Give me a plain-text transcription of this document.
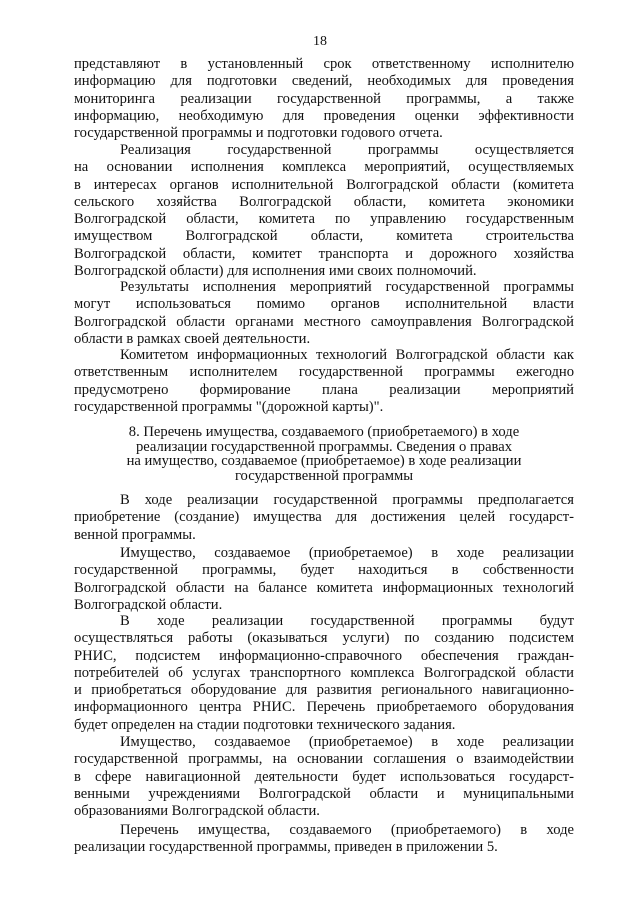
18
представляют в установленный срок ответственному исполнителю
информацию для подготовки сведений, необходимых для проведения
мониторинга реализации государственной программы, а также
информацию, необходимую для проведения оценки эффективности
государственной программы и подготовки годового отчета.
Реализация государственной программы осуществляется
на основании исполнения комплекса мероприятий, осуществляемых
в интересах органов исполнительной Волгоградской области (комитета
сельского хозяйства Волгоградской области, комитета экономики
Волгоградской области, комитета по управлению государственным
имуществом Волгоградской области, комитета строительства
Волгоградской области, комитет транспорта и дорожного хозяйства
Волгоградской области) для исполнения ими своих полномочий.
Результаты исполнения мероприятий государственной программы
могут использоваться помимо органов исполнительной власти
Волгоградской области органами местного самоуправления Волгоградской
области в рамках своей деятельности.
Комитетом информационных технологий Волгоградской области как
ответственным исполнителем государственной программы ежегодно
предусмотрено формирование плана реализации мероприятий
государственной программы "(дорожной карты)".
8. Перечень имущества, создаваемого (приобретаемого) в ходе
реализации государственной программы. Сведения о правах
на имущество, создаваемое (приобретаемое) в ходе реализации
государственной программы
В ходе реализации государственной программы предполагается
приобретение (создание) имущества для достижения целей государст-
венной программы.
Имущество, создаваемое (приобретаемое) в ходе реализации
государственной программы, будет находиться в собственности
Волгоградской области на балансе комитета информационных технологий
Волгоградской области.
В ходе реализации государственной программы будут
осуществляться работы (оказываться услуги) по созданию подсистем
РНИС, подсистем информационно-справочного обеспечения граждан-
потребителей об услугах транспортного комплекса Волгоградской области
и приобретаться оборудование для развития регионального навигационно-
информационного центра РНИС. Перечень приобретаемого оборудования
будет определен на стадии подготовки технического задания.
Имущество, создаваемое (приобретаемое) в ходе реализации
государственной программы, на основании соглашения о взаимодействии
в сфере навигационной деятельности будет использоваться государст-
венными учреждениями Волгоградской области и муниципальными
образованиями Волгоградской области.
Перечень имущества, создаваемого (приобретаемого) в ходе
реализации государственной программы, приведен в приложении 5.
